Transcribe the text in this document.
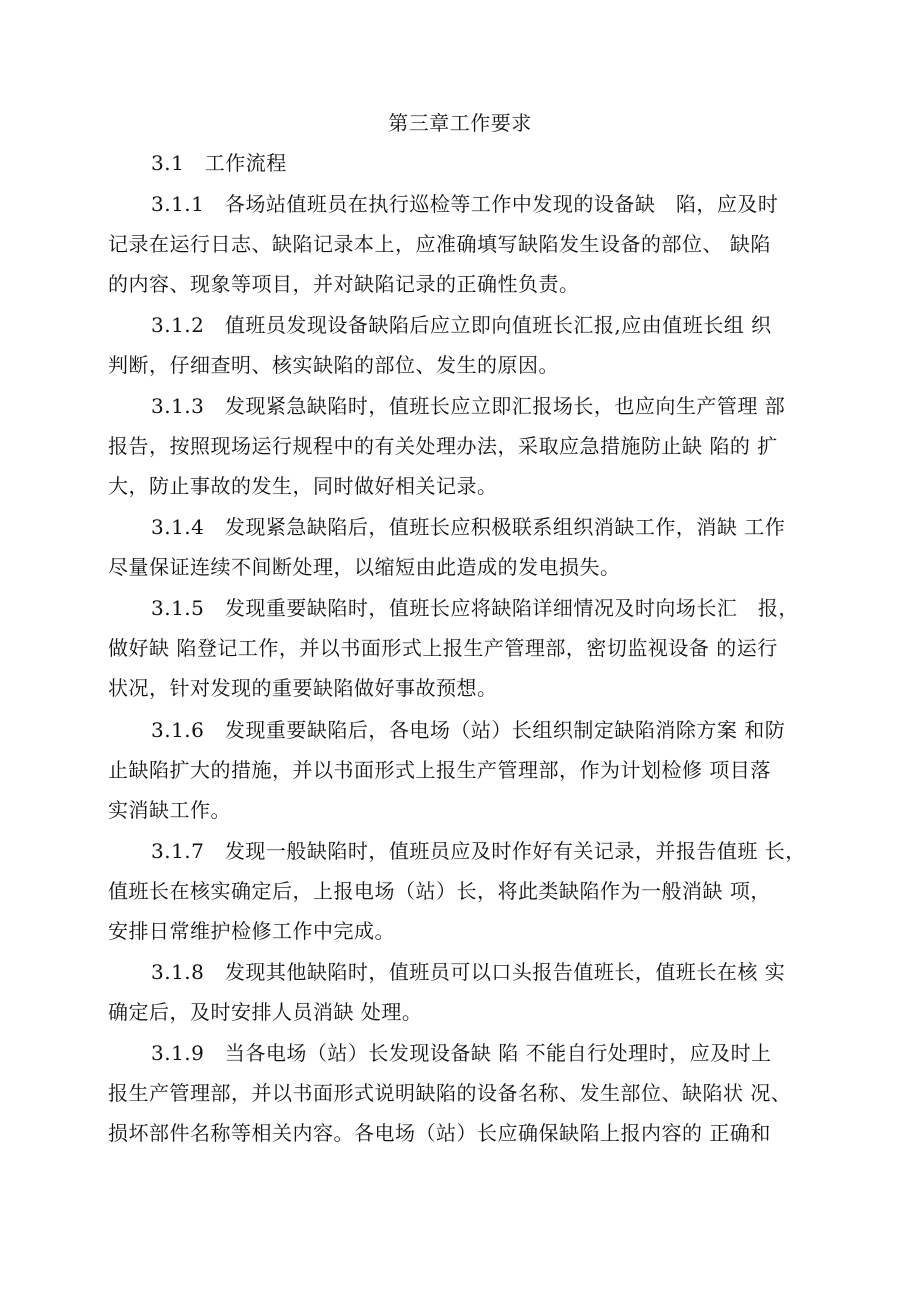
第三章工作要求
3.1　工作流程
3.1.1　 各场站值班员在执行巡检等工作中发现的设备缺　陷，应及时
记录在运行日志、缺陷记录本上，应准确填写缺陷发生设备的部位、 缺陷
的内容、现象等项目，并对缺陷记录的正确性负责。
3.1.2　 值班员发现设备缺陷后应立即向值班长汇报,应由值班长组 织
判断，仔细查明、核实缺陷的部位、发生的原因。
3.1.3　 发现紧急缺陷时，值班长应立即汇报场长，也应向生产管理 部
报告，按照现场运行规程中的有关处理办法，采取应急措施防止缺 陷的 扩
大，防止事故的发生，同时做好相关记录。
3.1.4　 发现紧急缺陷后，值班长应积极联系组织消缺工作，消缺 工作
尽量保证连续不间断处理，以缩短由此造成的发电损失。
3.1.5　 发现重要缺陷时，值班长应将缺陷详细情况及时向场长汇　报，
做好缺 陷登记工作，并以书面形式上报生产管理部，密切监视设备 的运行
状况，针对发现的重要缺陷做好事故预想。
3.1.6　 发现重要缺陷后，各电场（站）长组织制定缺陷消除方案 和防
止缺陷扩大的措施，并以书面形式上报生产管理部，作为计划检修 项目落
实消缺工作。
3.1.7　 发现一般缺陷时，值班员应及时作好有关记录，并报告值班 长，
值班长在核实确定后，上报电场（站）长，将此类缺陷作为一般消缺 项，
安排日常维护检修工作中完成。
3.1.8　 发现其他缺陷时，值班员可以口头报告值班长，值班长在核 实
确定后，及时安排人员消缺 处理。
3.1.9　 当各电场（站）长发现设备缺 陷 不能自行处理时，应及时上
报生产管理部，并以书面形式说明缺陷的设备名称、发生部位、缺陷状 况、
损坏部件名称等相关内容。各电场（站）长应确保缺陷上报内容的 正确和
